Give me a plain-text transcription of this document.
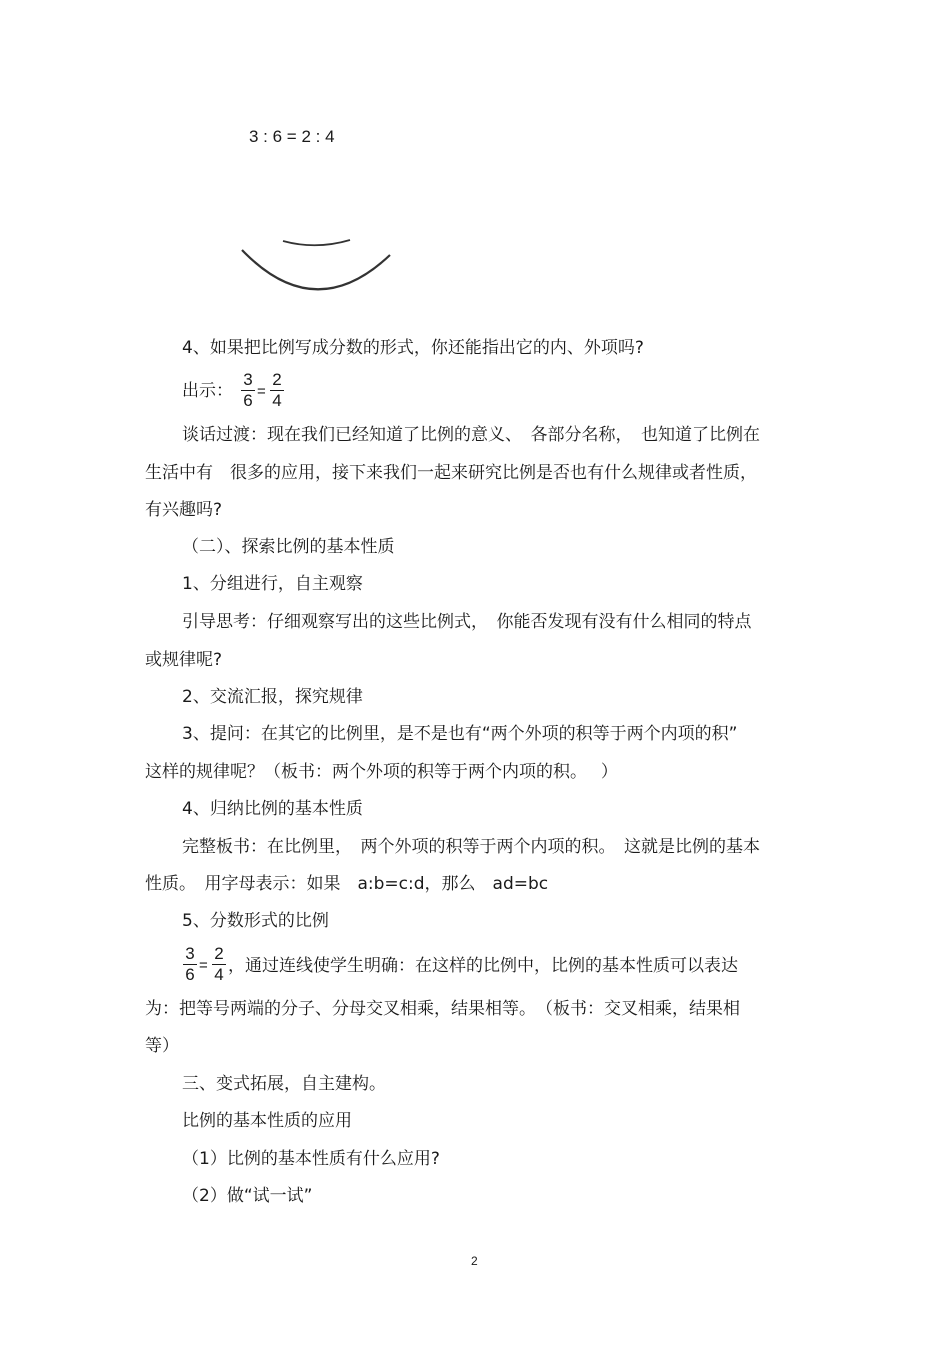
3 : 6 = 2 : 4
4、如果把比例写成分数的形式，你还能指出它的内、外项吗?
出示：
3
6 =
2
4
谈话过渡：现在我们已经知道了比例的意义、　各部分名称，　也知道了比例在
生活中有　很多的应用，接下来我们一起来研究比例是否也有什么规律或者性质，
有兴趣吗?
（二）、探索比例的基本性质
1、分组进行，自主观察
引导思考：仔细观察写出的这些比例式，　你能否发现有没有什么相同的特点
或规律呢?
2、交流汇报，探究规律
3、提问：在其它的比例里，是不是也有“两个外项的积等于两个内项的积”
这样的规律呢？（板书：两个外项的积等于两个内项的积。　 ）
4、归纳比例的基本性质
完整板书：在比例里，　两个外项的积等于两个内项的积。　这就是比例的基本
性质。　用字母表示：如果　a:b=c:d，那么　ad=bc
5、分数形式的比例
3
6 =
2
4 ，通过连线使学生明确：在这样的比例中，比例的基本性质可以表达
为：把等号两端的分子、分母交叉相乘，结果相等。　（板书：交叉相乘，结果相
等）
三、变式拓展，自主建构。
比例的基本性质的应用
（1）比例的基本性质有什么应用?
（2）做“试一试”
2
